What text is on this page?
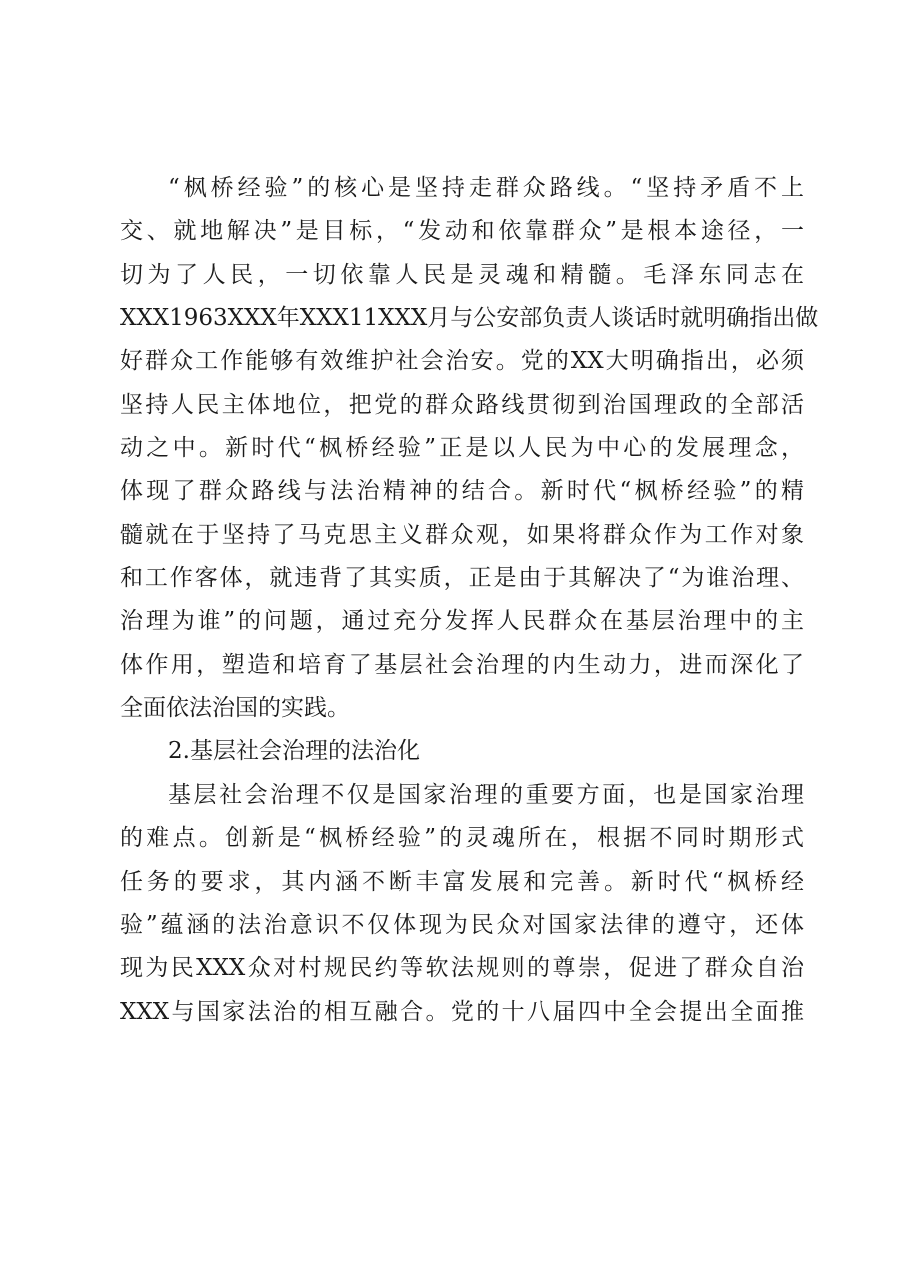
“枫桥经验”的核心是坚持走群众路线。“坚持矛盾不上
交、就地解决”是目标，“发动和依靠群众”是根本途径，一
切为了人民，一切依靠人民是灵魂和精髓。毛泽东同志在
XXX1963XXX年XXX11XXX月与公安部负责人谈话时就明确指出做
好群众工作能够有效维护社会治安。党的XX大明确指出，必须
坚持人民主体地位，把党的群众路线贯彻到治国理政的全部活
动之中。新时代“枫桥经验”正是以人民为中心的发展理念，
体现了群众路线与法治精神的结合。新时代“枫桥经验”的精
髓就在于坚持了马克思主义群众观，如果将群众作为工作对象
和工作客体，就违背了其实质，正是由于其解决了“为谁治理、
治理为谁”的问题，通过充分发挥人民群众在基层治理中的主
体作用，塑造和培育了基层社会治理的内生动力，进而深化了
全面依法治国的实践。
2.基层社会治理的法治化
基层社会治理不仅是国家治理的重要方面，也是国家治理
的难点。创新是“枫桥经验”的灵魂所在，根据不同时期形式
任务的要求，其内涵不断丰富发展和完善。新时代“枫桥经
验”蕴涵的法治意识不仅体现为民众对国家法律的遵守，还体
现为民XXX众对村规民约等软法规则的尊崇，促进了群众自治
XXX与国家法治的相互融合。党的十八届四中全会提出全面推
